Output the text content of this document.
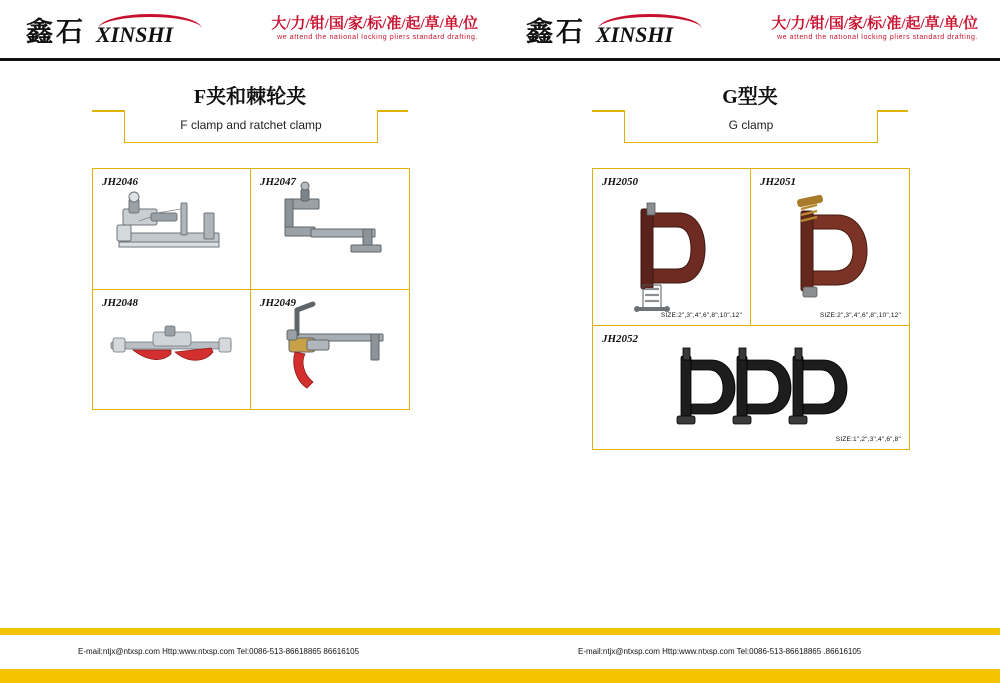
鑫石 XINSHI	大/力/钳/国/家/标/准/起/草/单/位
we attend the national locking pliers standard drafting. 鑫石 XINSHI	大/力/钳/国/家/标/准/起/草/单/位
we attend the national locking pliers standard drafting.
F夹和棘轮夹
F clamp and ratchet clamp
JH2046	JH2047
JH2048	JH2049
G型夹
G clamp
JH2050
SIZE:2",3",4",6",8",10",12"
JH2051
SIZE:2",3",4",6",8",10",12"
JH2052
SIZE:1",2",3",4",6",8"
E-mail:ntjx@ntxsp.com Http:www.ntxsp.com Tel:0086-513-86618865 86616105	E-mail:ntjx@ntxsp.com Http:www.ntxsp.com Tel:0086-513-86618865 .86616105
